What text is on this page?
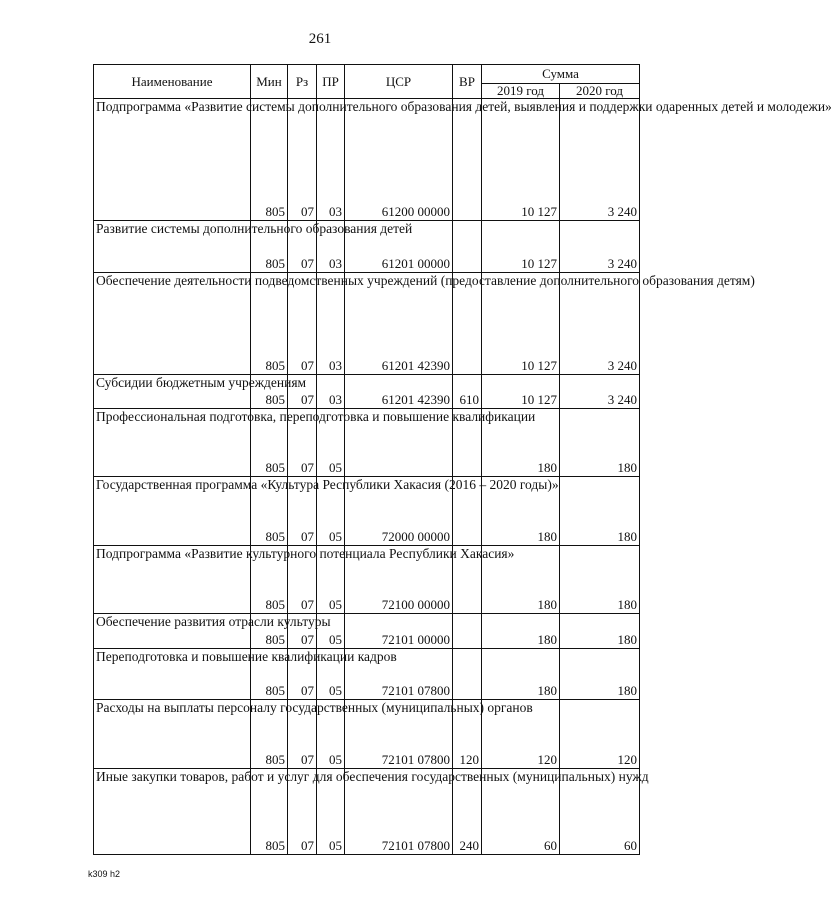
261
Наименование	Мин	Рз	ПР	ЦСР	ВР	Сумма	
						2019 год	2020 год
Подпрограмма «Развитие системы дополнительного образования детей, выявления и поддержки одаренных детей и молодежи»	805	07	03	61200 00000		10 127	3 240
Развитие системы дополнительного образования детей	805	07	03	61201 00000		10 127	3 240
Обеспечение деятельности подведомственных учреждений (предоставление дополнительного образования детям)	805	07	03	61201 42390		10 127	3 240
Субсидии бюджетным учреждениям	805	07	03	61201 42390	610	10 127	3 240
Профессиональная подготовка, переподготовка и повышение квалификации	805	07	05			180	180
Государственная программа «Культура Республики Хакасия (2016 – 2020 годы)»	805	07	05	72000 00000		180	180
Подпрограмма «Развитие культурного потенциала Республики Хакасия»	805	07	05	72100 00000		180	180
Обеспечение развития отрасли культуры	805	07	05	72101 00000		180	180
Переподготовка и повышение квалификации кадров	805	07	05	72101 07800		180	180
Расходы на выплаты персоналу государственных (муниципальных) органов	805	07	05	72101 07800	120	120	120
Иные закупки товаров, работ и услуг для обеспечения государственных (муниципальных) нужд	805	07	05	72101 07800	240	60	60
k309 h2
